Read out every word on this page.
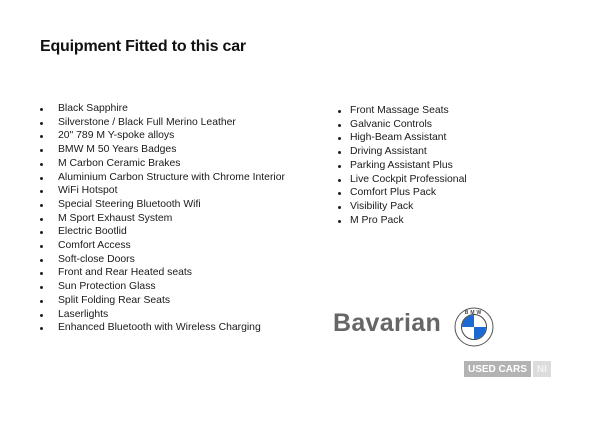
Equipment Fitted to this car
Black Sapphire
Silverstone / Black Full Merino Leather
20" 789 M Y-spoke alloys
BMW M 50 Years Badges
M Carbon Ceramic Brakes
Aluminium Carbon Structure with Chrome Interior
WiFi Hotspot
Special Steering Bluetooth Wifi
M Sport Exhaust System
Electric Bootlid
Comfort Access
Soft-close Doors
Front and Rear Heated seats
Sun Protection Glass
Split Folding Rear Seats
Laserlights
Enhanced Bluetooth with Wireless Charging
Front Massage Seats
Galvanic Controls
High-Beam Assistant
Driving Assistant
Parking Assistant Plus
Live Cockpit Professional
Comfort Plus Pack
Visibility Pack
M Pro Pack
Bavarian	BMW
USED CARS	NI
